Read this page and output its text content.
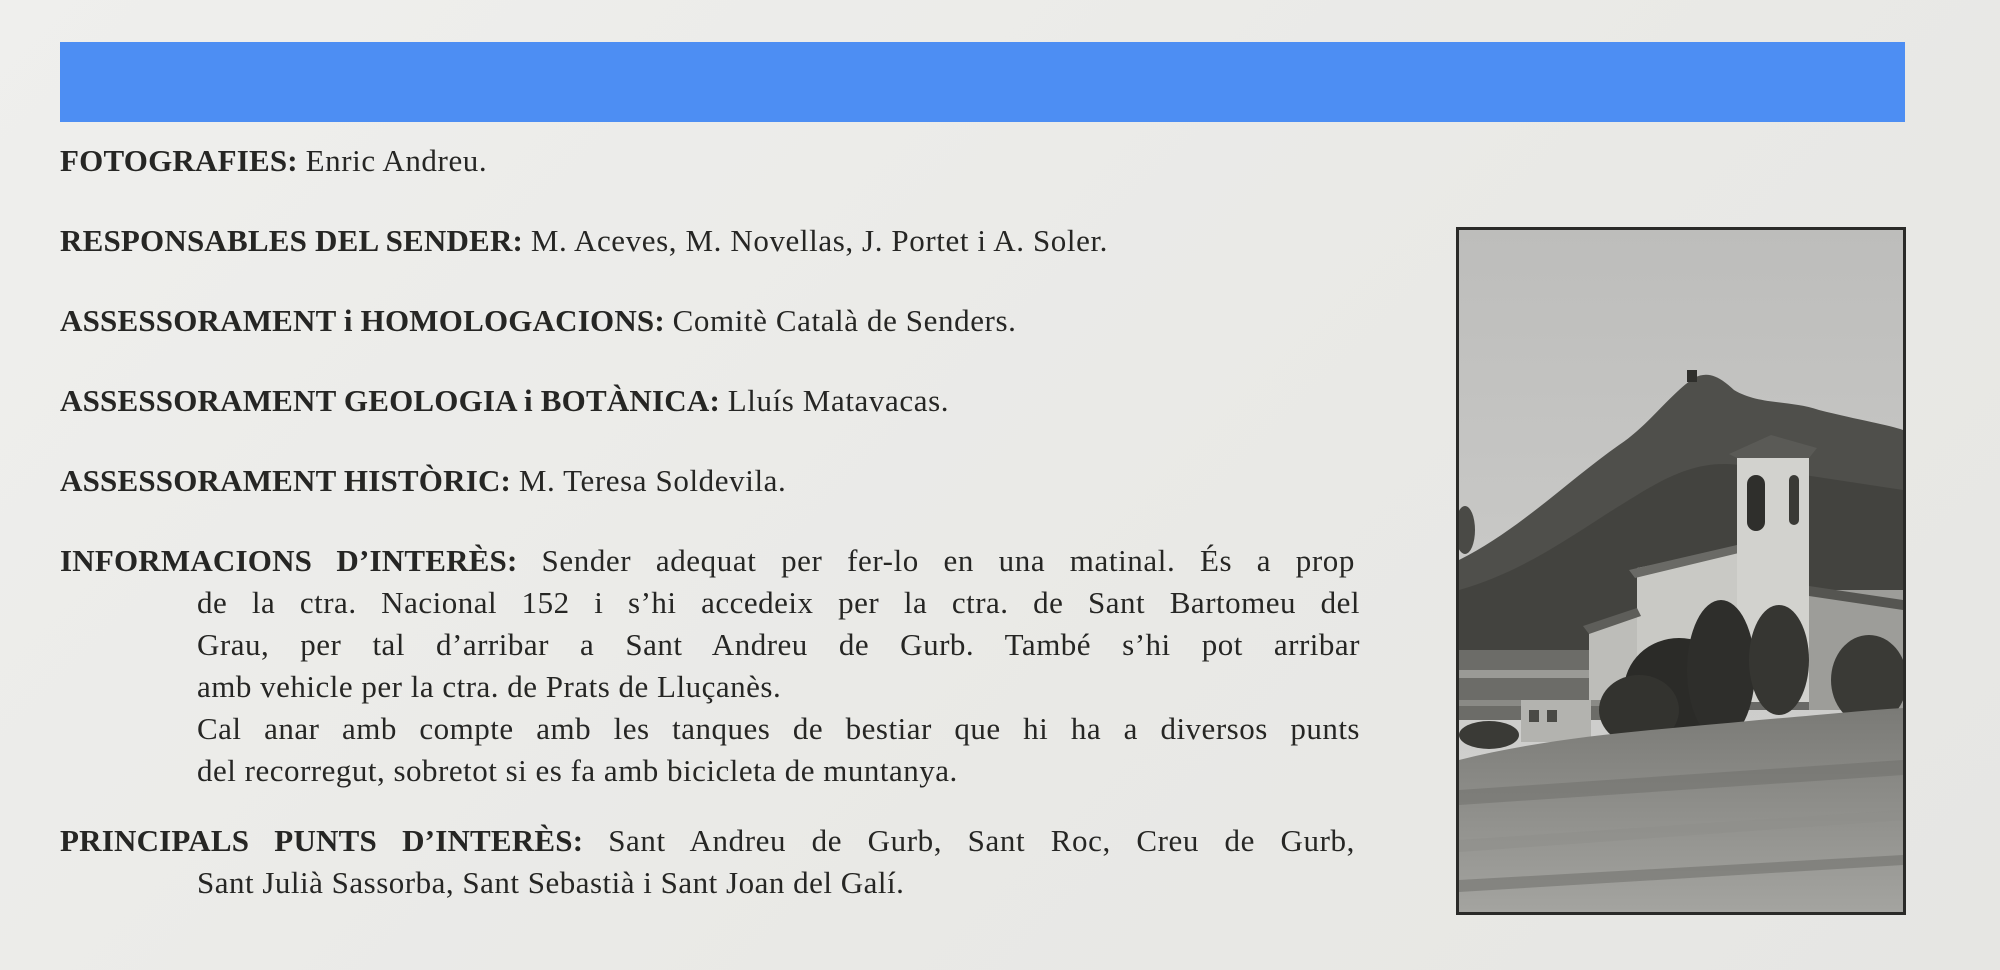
FOTOGRAFIES: Enric Andreu.
RESPONSABLES DEL SENDER: M. Aceves, M. Novellas, J. Portet i A. Soler.
ASSESSORAMENT i HOMOLOGACIONS: Comitè Català de Senders.
ASSESSORAMENT GEOLOGIA i BOTÀNICA: Lluís Matavacas.
ASSESSORAMENT HISTÒRIC: M. Teresa Soldevila.
INFORMACIONS D’INTERÈS: Sender adequat per fer-lo en una matinal. És a prop
de la ctra. Nacional 152 i s’hi accedeix per la ctra. de Sant Bartomeu del
Grau, per tal d’arribar a Sant Andreu de Gurb. També s’hi pot arribar
amb vehicle per la ctra. de Prats de Lluçanès.
Cal anar amb compte amb les tanques de bestiar que hi ha a diversos punts
del recorregut, sobretot si es fa amb bicicleta de muntanya.
PRINCIPALS PUNTS D’INTERÈS: Sant Andreu de Gurb, Sant Roc, Creu de Gurb,
Sant Julià Sassorba, Sant Sebastià i Sant Joan del Galí.
